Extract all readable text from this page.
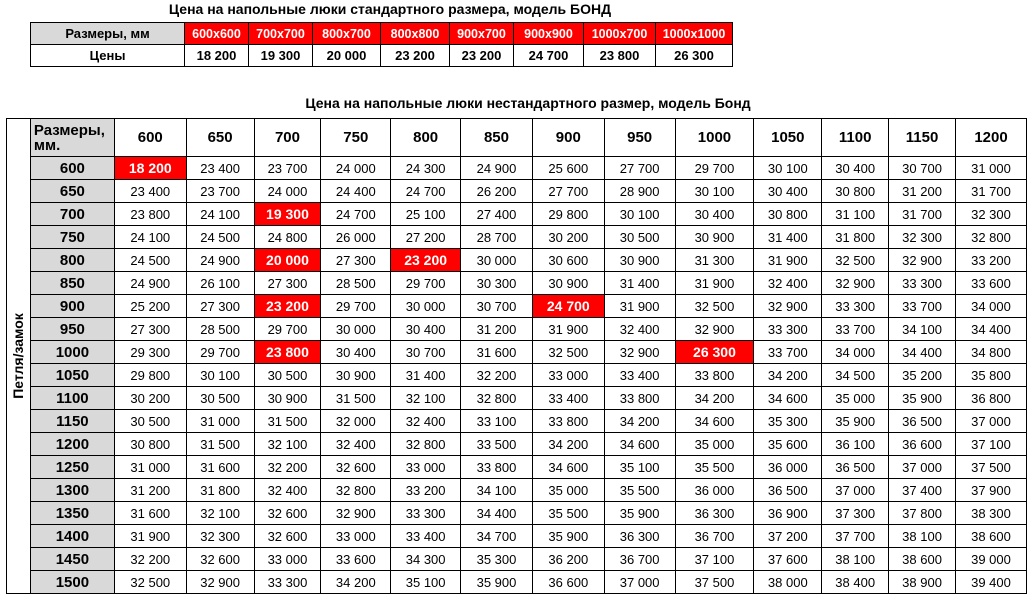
Цена на напольные люки стандартного размера, модель БОНД
Размеры, мм	600x600	700x700	800x700	800x800	900x700	900x900	1000x700	1000x1000
Цены	18 200	19 300	20 000	23 200	23 200	24 700	23 800	26 300
Цена на напольные люки нестандартного размер, модель Бонд
Петля/замок	Размеры, мм.	600	650	700	750	800	850	900	950	1000	1050	1100	1150	1200
	600	18 200	23 400	23 700	24 000	24 300	24 900	25 600	27 700	29 700	30 100	30 400	30 700	31 000
	650	23 400	23 700	24 000	24 400	24 700	26 200	27 700	28 900	30 100	30 400	30 800	31 200	31 700
	700	23 800	24 100	19 300	24 700	25 100	27 400	29 800	30 100	30 400	30 800	31 100	31 700	32 300
	750	24 100	24 500	24 800	26 000	27 200	28 700	30 200	30 500	30 900	31 400	31 800	32 300	32 800
	800	24 500	24 900	20 000	27 300	23 200	30 000	30 600	30 900	31 300	31 900	32 500	32 900	33 200
	850	24 900	26 100	27 300	28 500	29 700	30 300	30 900	31 400	31 900	32 400	32 900	33 300	33 600
	900	25 200	27 300	23 200	29 700	30 000	30 700	24 700	31 900	32 500	32 900	33 300	33 700	34 000
	950	27 300	28 500	29 700	30 000	30 400	31 200	31 900	32 400	32 900	33 300	33 700	34 100	34 400
	1000	29 300	29 700	23 800	30 400	30 700	31 600	32 500	32 900	26 300	33 700	34 000	34 400	34 800
	1050	29 800	30 100	30 500	30 900	31 400	32 200	33 000	33 400	33 800	34 200	34 500	35 200	35 800
	1100	30 200	30 500	30 900	31 500	32 100	32 800	33 400	33 800	34 200	34 600	35 000	35 900	36 800
	1150	30 500	31 000	31 500	32 000	32 400	33 100	33 800	34 200	34 600	35 300	35 900	36 500	37 000
	1200	30 800	31 500	32 100	32 400	32 800	33 500	34 200	34 600	35 000	35 600	36 100	36 600	37 100
	1250	31 000	31 600	32 200	32 600	33 000	33 800	34 600	35 100	35 500	36 000	36 500	37 000	37 500
	1300	31 200	31 800	32 400	32 800	33 200	34 100	35 000	35 500	36 000	36 500	37 000	37 400	37 900
	1350	31 600	32 100	32 600	32 900	33 300	34 400	35 500	35 900	36 300	36 900	37 300	37 800	38 300
	1400	31 900	32 300	32 600	33 000	33 400	34 700	35 900	36 300	36 700	37 200	37 700	38 100	38 600
	1450	32 200	32 600	33 000	33 600	34 300	35 300	36 200	36 700	37 100	37 600	38 100	38 600	39 000
	1500	32 500	32 900	33 300	34 200	35 100	35 900	36 600	37 000	37 500	38 000	38 400	38 900	39 400
